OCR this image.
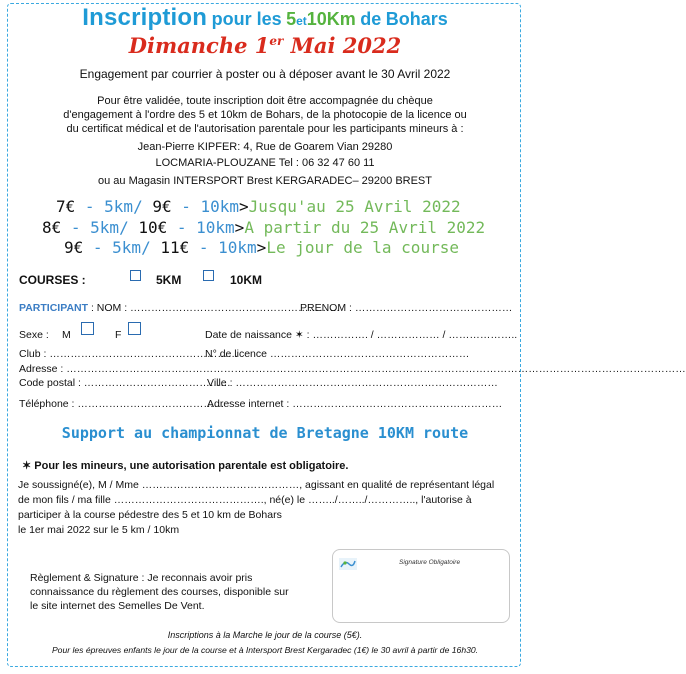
Inscription pour les 5et10Km de Bohars
Dimanche 1er Mai 2022
Engagement par courrier à poster ou à déposer avant le 30 Avril 2022
Pour être validée, toute inscription doit être accompagnée du chèque
d'engagement à l'ordre des 5 et 10km de Bohars, de la photocopie de la licence ou
du certificat médical et de l'autorisation parentale pour les participants mineurs à :
Jean-Pierre KIPFER: 4, Rue de Goarem Vian 29280
LOCMARIA-PLOUZANE Tel : 06 32 47 60 11
ou au Magasin INTERSPORT Brest KERGARADEC– 29200 BREST
7€ - 5km/ 9€ - 10km>Jusqu'au 25 Avril 2022
8€ - 5km/ 10€ - 10km>A partir du 25 Avril 2022
9€ - 5km/ 11€ - 10km>Le jour de la course
COURSES :	5KM	10KM
PARTICIPANT : NOM : ……………………………………………………
PRENOM : ………………………………………
Sexe : M	F	Date de naissance ✶ : ……………. / ……………… / ………………..
Club : ………………………………………………
N° de licence …………………………………………………
Adresse : ……………………………………………………………………………………………………………………………………………………………
Code postal : ……………………………………
Ville : …………………………………………………………………
Téléphone : ……………………………………
Adresse internet : ……………………………………………………
Support au championnat de Bretagne 10KM route
✶ Pour les mineurs, une autorisation parentale est obligatoire.
Je soussigné(e), M / Mme ………………………………………, agissant en qualité de représentant légal
de mon fils / ma fille ……………………………………., né(e) le ……../……../………….., l'autorise à
participer à la course pédestre des 5 et 10 km de Bohars
le 1er mai 2022 sur le 5 km / 10km
Règlement & Signature : Je reconnais avoir pris
connaissance du règlement des courses, disponible sur
le site internet des Semelles De Vent.
Signature Obligatoire
Inscriptions à la Marche le jour de la course (5€).
Pour les épreuves enfants le jour de la course et à Intersport Brest Kergaradec (1€) le 30 avril à partir de 16h30.
